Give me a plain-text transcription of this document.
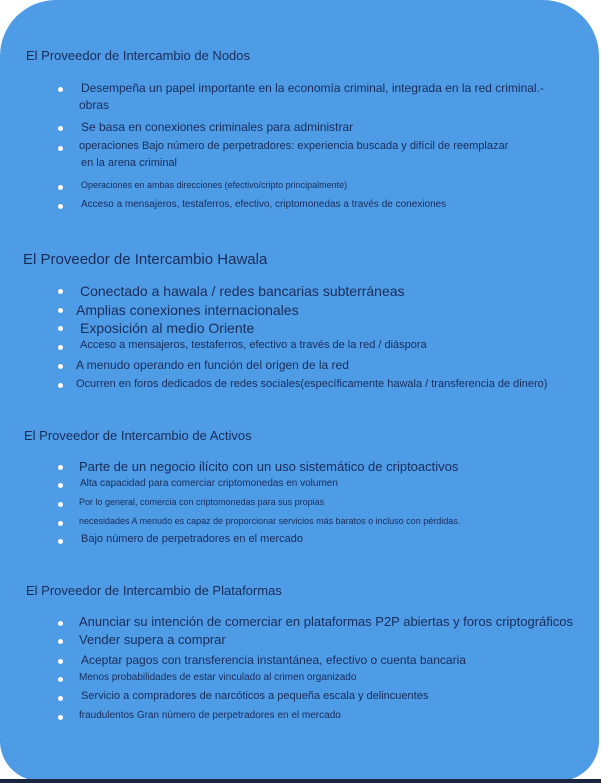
El Proveedor de Intercambio de Nodos
Desempeña un papel importante en la economía criminal, integrada en la red criminal.-
obras
Se basa en conexiones criminales para administrar
operaciones Bajo número de perpetradores: experiencia buscada y difícil de reemplazar
en la arena criminal
Operaciones en ambas direcciones (efectivo/cripto principalmente)
Acceso a mensajeros, testaferros, efectivo, criptomonedas a través de conexiones
El Proveedor de Intercambio Hawala
Conectado a hawala / redes bancarias subterráneas
Amplias conexiones internacionales
Exposición al medio Oriente
Acceso a mensajeros, testaferros, efectivo a través de la red / diáspora
A menudo operando en función del origen de la red
Ocurren en foros dedicados de redes sociales(específicamente hawala / transferencia de dinero)
El Proveedor de Intercambio de Activos
Parte de un negocio ilícito con un uso sistemático de criptoactivos
Alta capacidad para comerciar criptomonedas en volumen
Por lo general, comercia con criptomonedas para sus propias
necesidades A menudo es capaz de proporcionar servicios más baratos o incluso con pérdidas.
Bajo número de perpetradores en el mercado
El Proveedor de Intercambio de Plataformas
Anunciar su intención de comerciar en plataformas P2P abiertas y foros criptográficos
Vender supera a comprar
Aceptar pagos con transferencia instantánea, efectivo o cuenta bancaria
Menos probabilidades de estar vinculado al crimen organizado
Servicio a compradores de narcóticos a pequeña escala y delincuentes
fraudulentos Gran número de perpetradores en el mercado
